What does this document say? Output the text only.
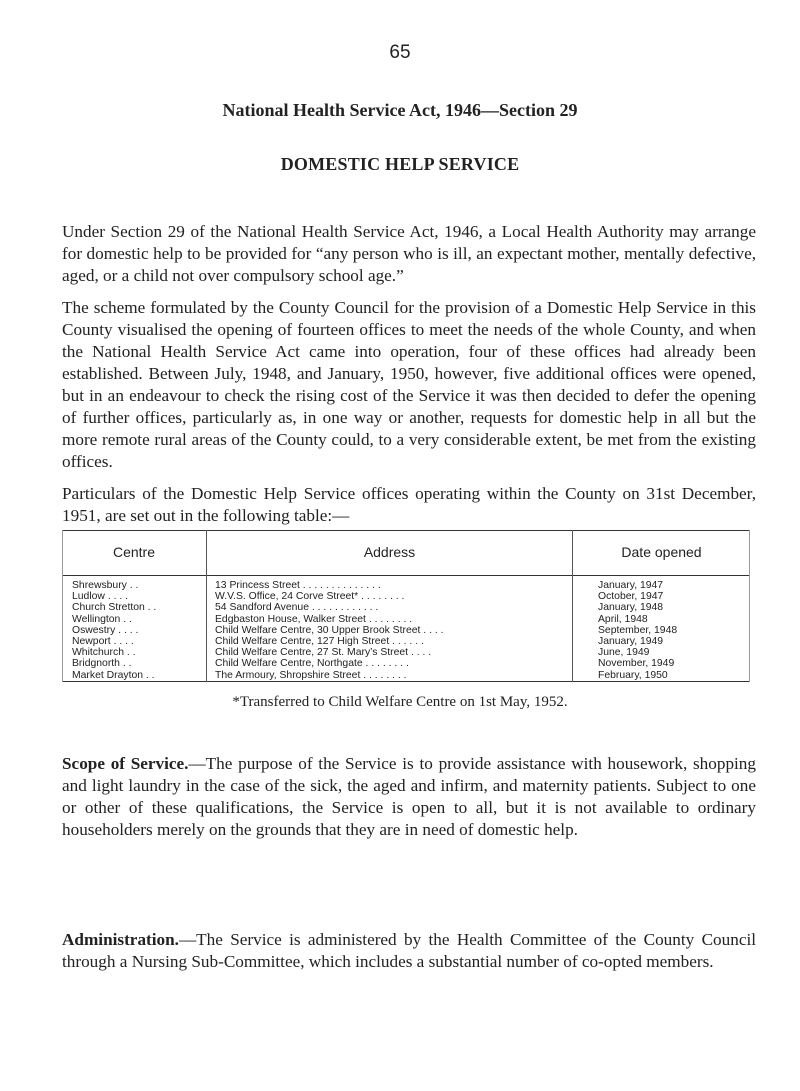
65
National Health Service Act, 1946—Section 29
DOMESTIC HELP SERVICE

Under Section 29 of the National Health Service Act, 1946, a Local Health Authority may arrange for domestic help to be provided for “any person who is ill, an expectant mother, mentally defective, aged, or a child not over compulsory school age.”

The scheme formulated by the County Council for the provision of a Domestic Help Service in this County visualised the opening of fourteen offices to meet the needs of the whole County, and when the National Health Service Act came into operation, four of these offices had already been established. Between July, 1948, and January, 1950, however, five additional offices were opened, but in an endeavour to check the rising cost of the Service it was then decided to defer the opening of further offices, particularly as, in one way or another, requests for domestic help in all but the more remote rural areas of the County could, to a very considerable extent, be met from the existing offices.

Particulars of the Domestic Help Service offices operating within the County on 31st December, 1951, are set out in the following table:—

Centre	Address	Date opened
Shrewsbury . .	13 Princess Street . . . . . . . . . . . . . .	January, 1947
Ludlow . . . .	W.V.S. Office, 24 Corve Street* . . . . . . . .	October, 1947
Church Stretton . .	54 Sandford Avenue . . . . . . . . . . . .	January, 1948
Wellington . .	Edgbaston House, Walker Street . . . . . . . .	April, 1948
Oswestry . . . .	Child Welfare Centre, 30 Upper Brook Street . . . .	September, 1948
Newport . . . .	Child Welfare Centre, 127 High Street . . . . . .	January, 1949
Whitchurch . .	Child Welfare Centre, 27 St. Mary’s Street . . . .	June, 1949
Bridgnorth . .	Child Welfare Centre, Northgate . . . . . . . .	November, 1949
Market Drayton . .	The Armoury, Shropshire Street . . . . . . . .	February, 1950
*Transferred to Child Welfare Centre on 1st May, 1952.

Scope of Service.—The purpose of the Service is to provide assistance with housework, shopping and light laundry in the case of the sick, the aged and infirm, and maternity patients. Subject to one or other of these qualifications, the Service is open to all, but it is not available to ordinary householders merely on the grounds that they are in need of domestic help.

Administration.—The Service is administered by the Health Committee of the County Council through a Nursing Sub-Committee, which includes a substantial number of co-opted members.
